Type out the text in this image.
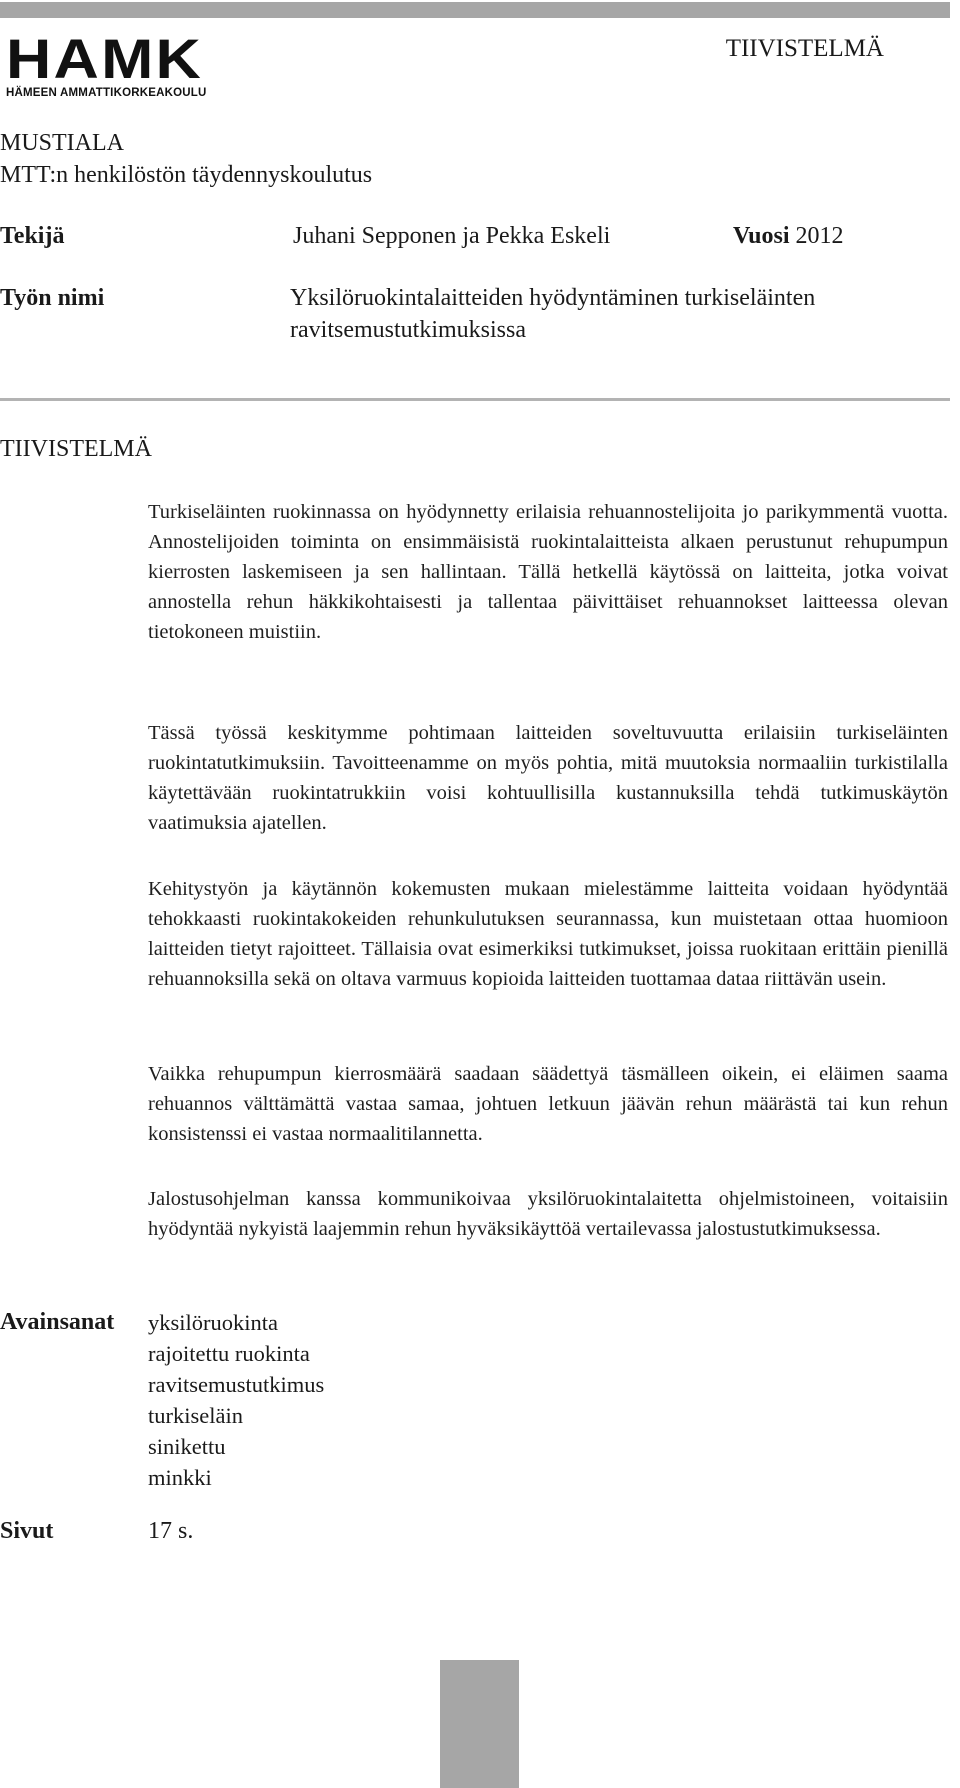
HAMK
HÄMEEN AMMATTIKORKEAKOULU
TIIVISTELMÄ
MUSTIALA
MTT:n henkilöstön täydennyskoulutus
Tekijä	Juhani Sepponen ja Pekka Eskeli	Vuosi 2012
Työn nimi	Yksilöruokintalaitteiden hyödyntäminen turkiseläinten
ravitsemustutkimuksissa
TIIVISTELMÄ

Turkiseläinten ruokinnassa on hyödynnetty erilaisia rehuannostelijoita jo parikymmentä vuotta. Annostelijoiden toiminta on ensimmäisistä ruokintalaitteista alkaen perustunut rehupumpun kierrosten laskemiseen ja sen hallintaan. Tällä hetkellä käytössä on laitteita, jotka voivat annostella rehun häkkikohtaisesti ja tallentaa päivittäiset rehuannokset laitteessa olevan tietokoneen muistiin.

Tässä työssä keskitymme pohtimaan laitteiden soveltuvuutta erilaisiin turkiseläinten ruokintatutkimuksiin. Tavoitteenamme on myös pohtia, mitä muutoksia normaaliin turkistilalla käytettävään ruokintatrukkiin voisi kohtuullisilla kustannuksilla tehdä tutkimuskäytön vaatimuksia ajatellen.

Kehitystyön ja käytännön kokemusten mukaan mielestämme laitteita voidaan hyödyntää tehokkaasti ruokintakokeiden rehunkulutuksen seurannassa, kun muistetaan ottaa huomioon laitteiden tietyt rajoitteet. Tällaisia ovat esimerkiksi tutkimukset, joissa ruokitaan erittäin pienillä rehuannoksilla sekä on oltava varmuus kopioida laitteiden tuottamaa dataa riittävän usein.

Vaikka rehupumpun kierrosmäärä saadaan säädettyä täsmälleen oikein, ei eläimen saama rehuannos välttämättä vastaa samaa, johtuen letkuun jäävän rehun määrästä tai kun rehun konsistenssi ei vastaa normaalitilannetta.

Jalostusohjelman kanssa kommunikoivaa yksilöruokintalaitetta ohjelmistoineen, voitaisiin hyödyntää nykyistä laajemmin rehun hyväksikäyttöä vertailevassa jalostustutkimuksessa.

Avainsanat yksilöruokinta
rajoitettu ruokinta
ravitsemustutkimus
turkiseläin
sinikettu
minkki
Sivut	17 s.
